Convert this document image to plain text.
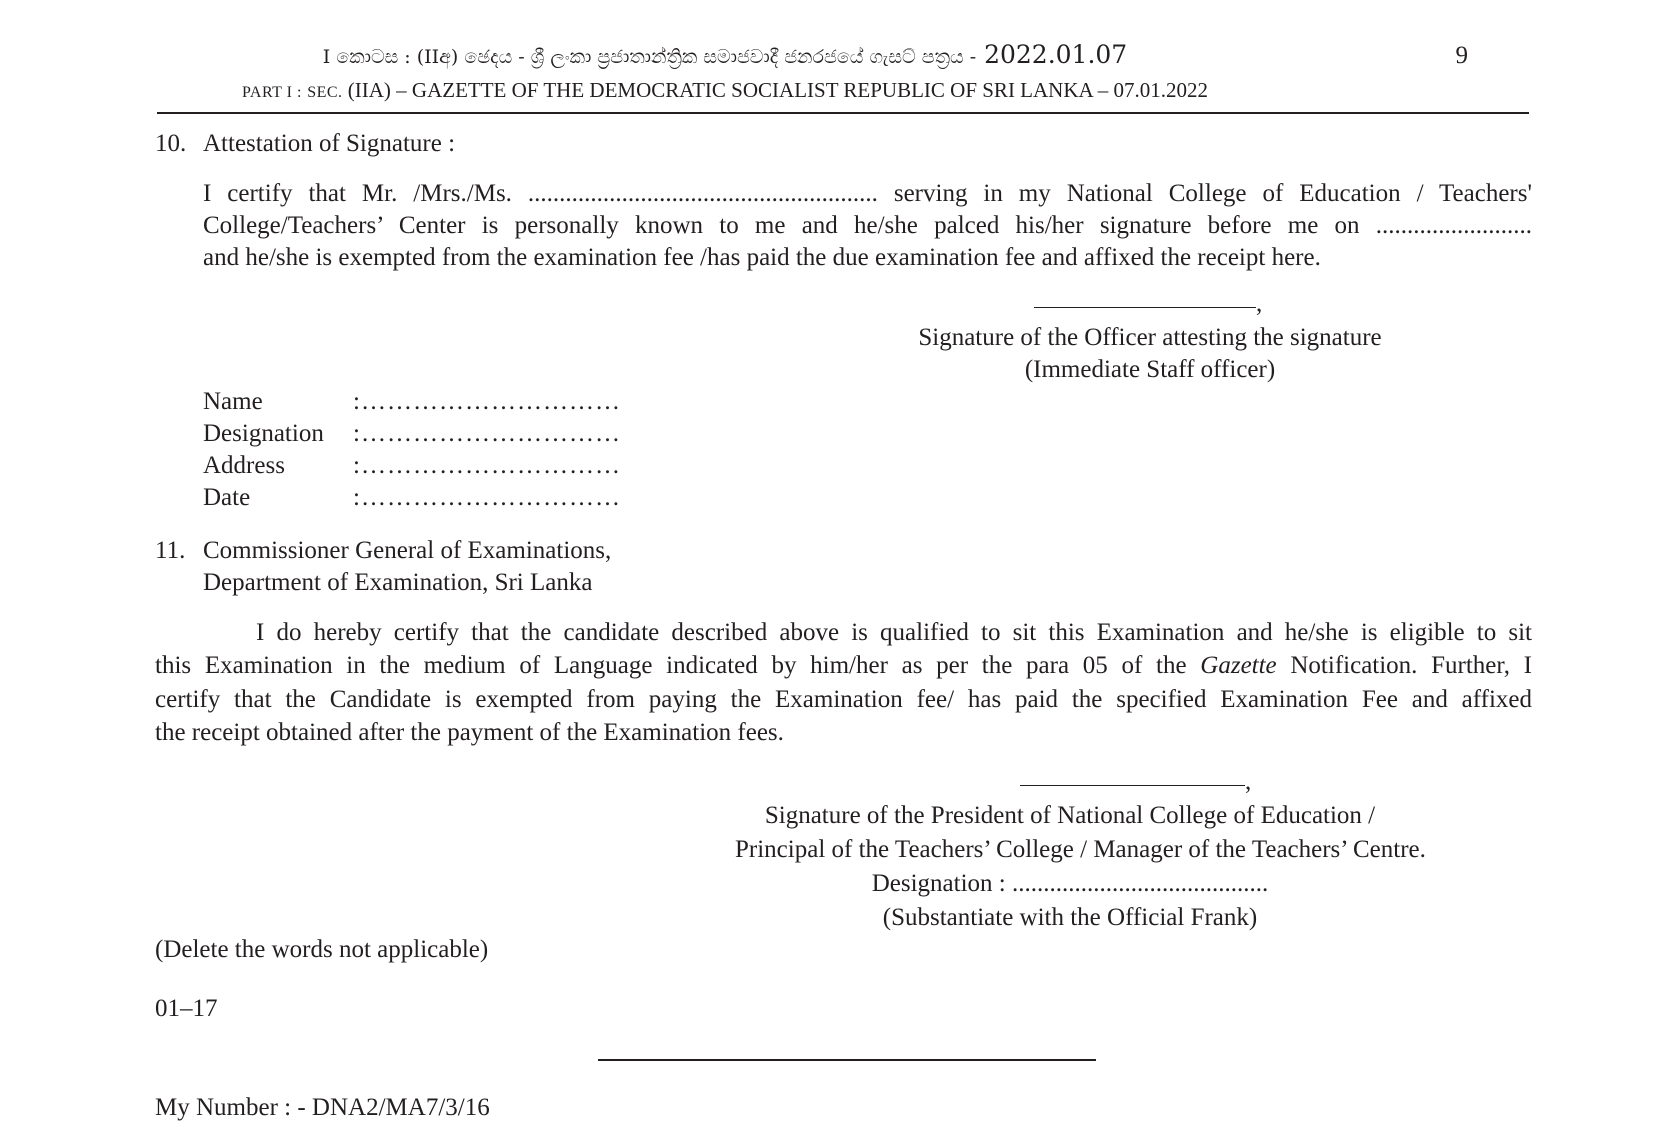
I කොටස : (IIඅ) ඡෙදය - ශ්‍රී ලංකා ප්‍රජාතාන්ත්‍රික සමාජවාදී ජනරජයේ ගැසට් පත්‍රය - 2022.01.07
PART I : SEC. (IIA) – GAZETTE OF THE DEMOCRATIC SOCIALIST REPUBLIC OF SRI LANKA – 07.01.2022
9
10. Attestation of Signature :
I certify that Mr. /Mrs./Ms. ........................................................ serving in my National College of Education / Teachers'
College/Teachers’ Center is personally known to me and he/she palced his/her signature before me on .........................
and he/she is exempted from the examination fee /has paid the due examination fee and affixed the receipt here.
,
Signature of the Officer attesting the signature
(Immediate Staff officer)
Name	:…………………………
Designation :…………………………
Address	:…………………………
Date	:…………………………
11. Commissioner General of Examinations,
Department of Examination, Sri Lanka
I do hereby certify that the candidate described above is qualified to sit this Examination and he/she is eligible to sit
this Examination in the medium of Language indicated by him/her as per the para 05 of the Gazette Notification. Further, I
certify that the Candidate is exempted from paying the Examination fee/ has paid the specified Examination Fee and affixed
the receipt obtained after the payment of the Examination fees.
,
Signature of the President of National College of Education /
Principal of the Teachers’ College / Manager of the Teachers’ Centre.
Designation : .........................................
(Substantiate with the Official Frank)
(Delete the words not applicable)
01–17
My Number : - DNA2/MA7/3/16
